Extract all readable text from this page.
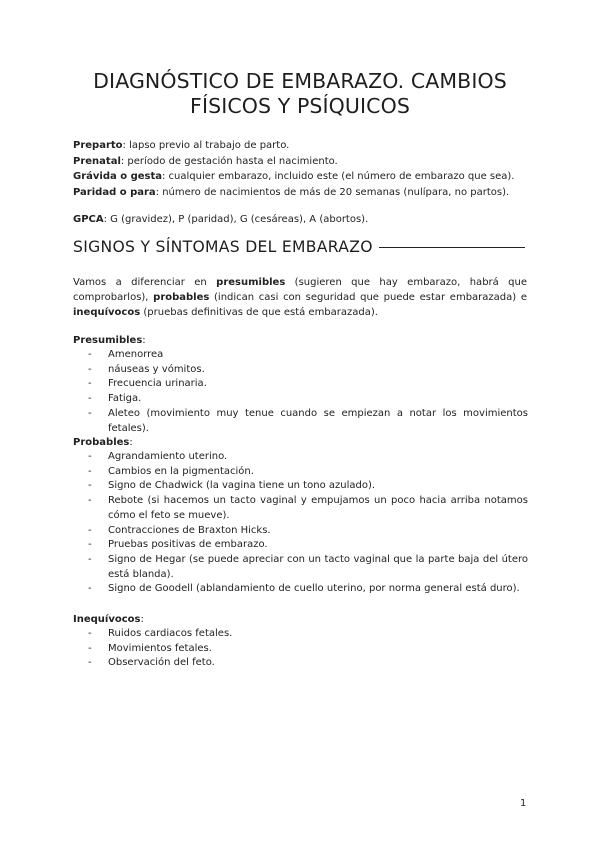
DIAGNÓSTICO DE EMBARAZO. CAMBIOS FÍSICOS Y PSÍQUICOS
Preparto: lapso previo al trabajo de parto.
Prenatal: período de gestación hasta el nacimiento.
Grávida o gesta: cualquier embarazo, incluido este (el número de embarazo que sea).
Paridad o para: número de nacimientos de más de 20 semanas (nulípara, no partos).

GPCA: G (gravidez), P (paridad), G (cesáreas), A (abortos).

SIGNOS Y SÍNTOMAS DEL EMBARAZO

Vamos a diferenciar en presumibles (sugieren que hay embarazo, habrá que comprobarlos), probables (indican casi con seguridad que puede estar embarazada) e inequívocos (pruebas definitivas de que está embarazada).

Presumibles:

- Amenorrea
- náuseas y vómitos.
- Frecuencia urinaria.
- Fatiga.
- Aleteo (movimiento muy tenue cuando se empiezan a notar los movimientos fetales).

Probables:

- Agrandamiento uterino.
- Cambios en la pigmentación.
- Signo de Chadwick (la vagina tiene un tono azulado).
- Rebote (si hacemos un tacto vaginal y empujamos un poco hacia arriba notamos cómo el feto se mueve).
- Contracciones de Braxton Hicks.
- Pruebas positivas de embarazo.
- Signo de Hegar (se puede apreciar con un tacto vaginal que la parte baja del útero está blanda).
- Signo de Goodell (ablandamiento de cuello uterino, por norma general está duro).

Inequívocos:

- Ruidos cardiacos fetales.
- Movimientos fetales.
- Observación del feto.
1
